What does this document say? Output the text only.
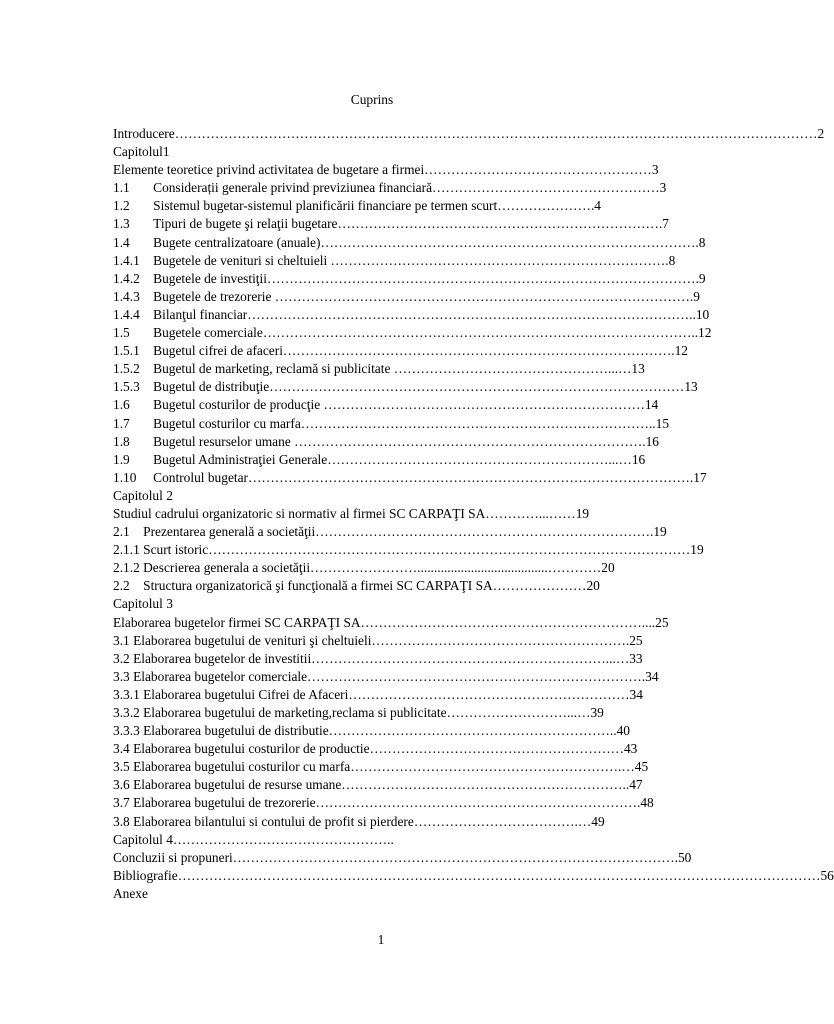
Cuprins
Introducere………………………………………………………………………………………………………………………………2
Capitolul1
Elemente teoretice privind activitatea de bugetare a firmei……………………………………………3
1.1       Considerații generale privind previziunea financiară……………………………………………3
1.2       Sistemul bugetar-sistemul planificării financiare pe termen scurt………………….4
1.3       Tipuri de bugete şi relaţii bugetare……………………………………………………………….7
1.4       Bugete centralizatoare (anuale)………………………………………………………………………….8
1.4.1    Bugetele de venituri si cheltuieli ………………………………………………………………….8
1.4.2    Bugetele de investiţii…………………………………………………………………………………….9
1.4.3    Bugetele de trezorerie ………………………………………………………………………………….9
1.4.4    Bilanţul financiar………………………………………………………………………………………..10
1.5       Bugetele comerciale……………………………………………………………………………………..12
1.5.1    Bugetul cifrei de afaceri…………………………………………………………………………….12
1.5.2    Bugetul de marketing, reclamă si publicitate …………………………………………...…13
1.5.3    Bugetul de distribuţie…………………………………………………………………………………13
1.6       Bugetul costurilor de producţie ………………………………………………………………14
1.7       Bugetul costurilor cu marfa……………………………………………………………………..15
1.8       Bugetul resurselor umane …………………………………………………………………….16
1.9       Bugetul Administraţiei Generale………………………………………………………...…16
1.10     Controlul bugetar……………………………………………………………………………………….17
Capitolul 2
Studiul cadrului organizatoric si normativ al firmei SC CARPAŢI SA…………...……19
2.1    Prezentarea generală a societăţii………………………………………………………………….19
2.1.1 Scurt istoric………………………………………………………………………………………………19
2.1.2 Descrierea generala a societăţii…………………….......................................…………20
2.2    Structura organizatorică şi funcţională a firmei SC CARPAŢI SA…………………20
Capitolul 3
Elaborarea bugetelor firmei SC CARPAŢI SA………………………………………………………....25
3.1 Elaborarea bugetului de venituri şi cheltuieli………………………………………………….25
3.2 Elaborarea bugetelor de investitii…………………………………………………………...…33
3.3 Elaborarea bugetelor comerciale………………………………………………………………….34
3.3.1 Elaborarea bugetului Cifrei de Afaceri………………………………………………………34
3.3.2 Elaborarea bugetului de marketing,reclama si publicitate………………………...…39
3.3.3 Elaborarea bugetului de distributie………………………………………………………..40
3.4 Elaborarea bugetului costurilor de productie…………………………………………………43
3.5 Elaborarea bugetului costurilor cu marfa…………………………………………………….…45
3.6 Elaborarea bugetului de resurse umane………………………………………………………..47
3.7 Elaborarea bugetului de trezorerie……………………………………………………………….48
3.8 Elaborarea bilantului si contului de profit si pierdere……………………………….…49
Capitolul 4…………………………………………..
Concluzii si propuneri……………………………………………………………………………………….50
Bibliografie………………………………………………………………………………………………………………………………56
Anexe
1
